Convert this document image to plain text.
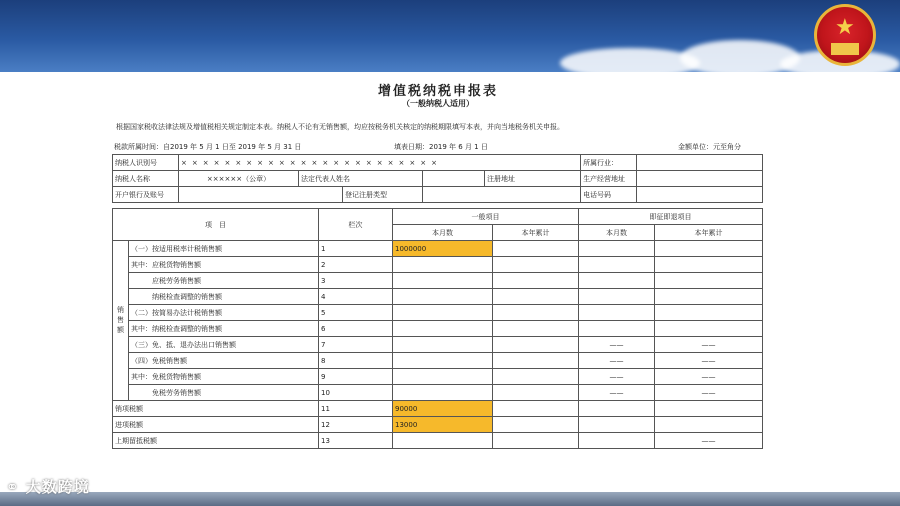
★
增值税纳税申报表
（一般纳税人适用）
根据国家税收法律法规及增值税相关规定制定本表。纳税人不论有无销售额，均应按税务机关核定的纳税期限填写本表，并向当地税务机关申报。
税款所属时间：自2019 年 5 月 1 日至 2019 年 5 月 31 日	填表日期：2019 年 6 月 1 日	金额单位：元至角分
纳税人识别号	××××××××××××××××××××××××					所属行业：	
纳税人名称	××××××（公章）	法定代表人姓名			注册地址	生产经营地址	
开户银行及账号			登记注册类型			电话号码	
项　目		栏次	一般项目		即征即退项目	
			本月数	本年累计	本月数	本年累计
销售额	（一）按适用税率计税销售额	1	1000000			
	其中：应税货物销售额	2				
	　　　应税劳务销售额	3				
	　　　纳税检查调整的销售额	4				
	（二）按简易办法计税销售额	5				
	其中：纳税检查调整的销售额	6				
	（三）免、抵、退办法出口销售额	7			——	——
	（四）免税销售额	8			——	——
	其中：免税货物销售额	9			——	——
	　　　免税劳务销售额	10			——	——
销项税额		11	90000			
进项税额		12	13000			
上期留抵税额		13				——
⚭ 大数跨境
